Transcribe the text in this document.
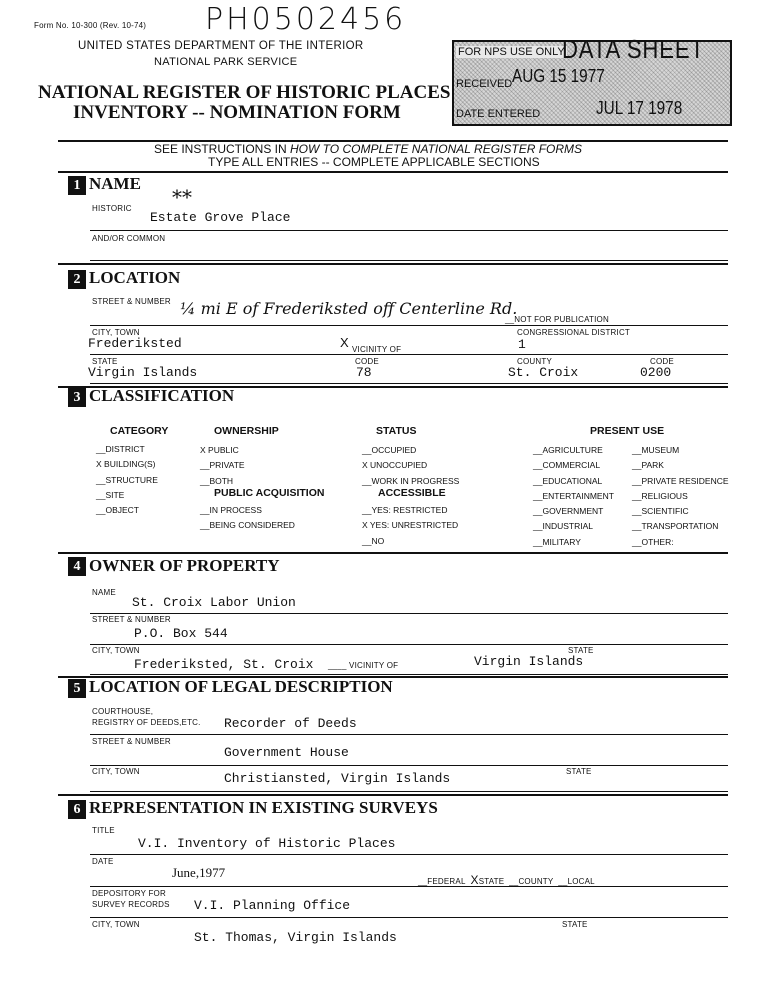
Form No. 10-300 (Rev. 10-74) PH0502456
UNITED STATES DEPARTMENT OF THE INTERIOR
NATIONAL PARK SERVICE
NATIONAL REGISTER OF HISTORIC PLACES
INVENTORY -- NOMINATION FORM
FOR NPS USE ONLY
DATA SHEET
RECEIVED AUG 15 1977
DATE ENTERED	JUL 17 1978
SEE INSTRUCTIONS IN HOW TO COMPLETE NATIONAL REGISTER FORMS
TYPE ALL ENTRIES -- COMPLETE APPLICABLE SECTIONS
1 NAME
HISTORIC **
Estate Grove Place
AND/OR COMMON
2 LOCATION
STREET & NUMBER ¼ mi E of Frederiksted off Centerline Rd.
__NOT FOR PUBLICATION
CITY, TOWN
Frederiksted	X VICINITY OF
CONGRESSIONAL DISTRICT
1
STATE
Virgin Islands
CODE
78
COUNTY
St. Croix
CODE
0200
3 CLASSIFICATION
CATEGORY	OWNERSHIP	STATUS	PRESENT USE
PUBLIC ACQUISITION	ACCESSIBLE
__DISTRICT
X BUILDING(S)
__STRUCTURE
__SITE
__OBJECT
X PUBLIC
__PRIVATE
__BOTH
__IN PROCESS
__BEING CONSIDERED
__OCCUPIED
X UNOCCUPIED
__WORK IN PROGRESS
__YES: RESTRICTED
X YES: UNRESTRICTED
__NO
__AGRICULTURE
__COMMERCIAL
__EDUCATIONAL
__ENTERTAINMENT
__GOVERNMENT
__INDUSTRIAL
__MILITARY
__MUSEUM
__PARK
__PRIVATE RESIDENCE
__RELIGIOUS
__SCIENTIFIC
__TRANSPORTATION
__OTHER:
4 OWNER OF PROPERTY
NAME
St. Croix Labor Union
STREET & NUMBER
P.O. Box 544
CITY, TOWN
Frederiksted, St. Croix ____ VICINITY OF
STATE
Virgin Islands
5 LOCATION OF LEGAL DESCRIPTION
COURTHOUSE,
REGISTRY OF DEEDS,ETC. Recorder of Deeds
STREET & NUMBER
Government House
CITY, TOWN	Christiansted, Virgin Islands	STATE
6 REPRESENTATION IN EXISTING SURVEYS
TITLE
V.I. Inventory of Historic Places
DATE
June,1977
__FEDERAL XSTATE __COUNTY __LOCAL
DEPOSITORY FOR
SURVEY RECORDS V.I. Planning Office
CITY, TOWN
St. Thomas, Virgin Islands
STATE
